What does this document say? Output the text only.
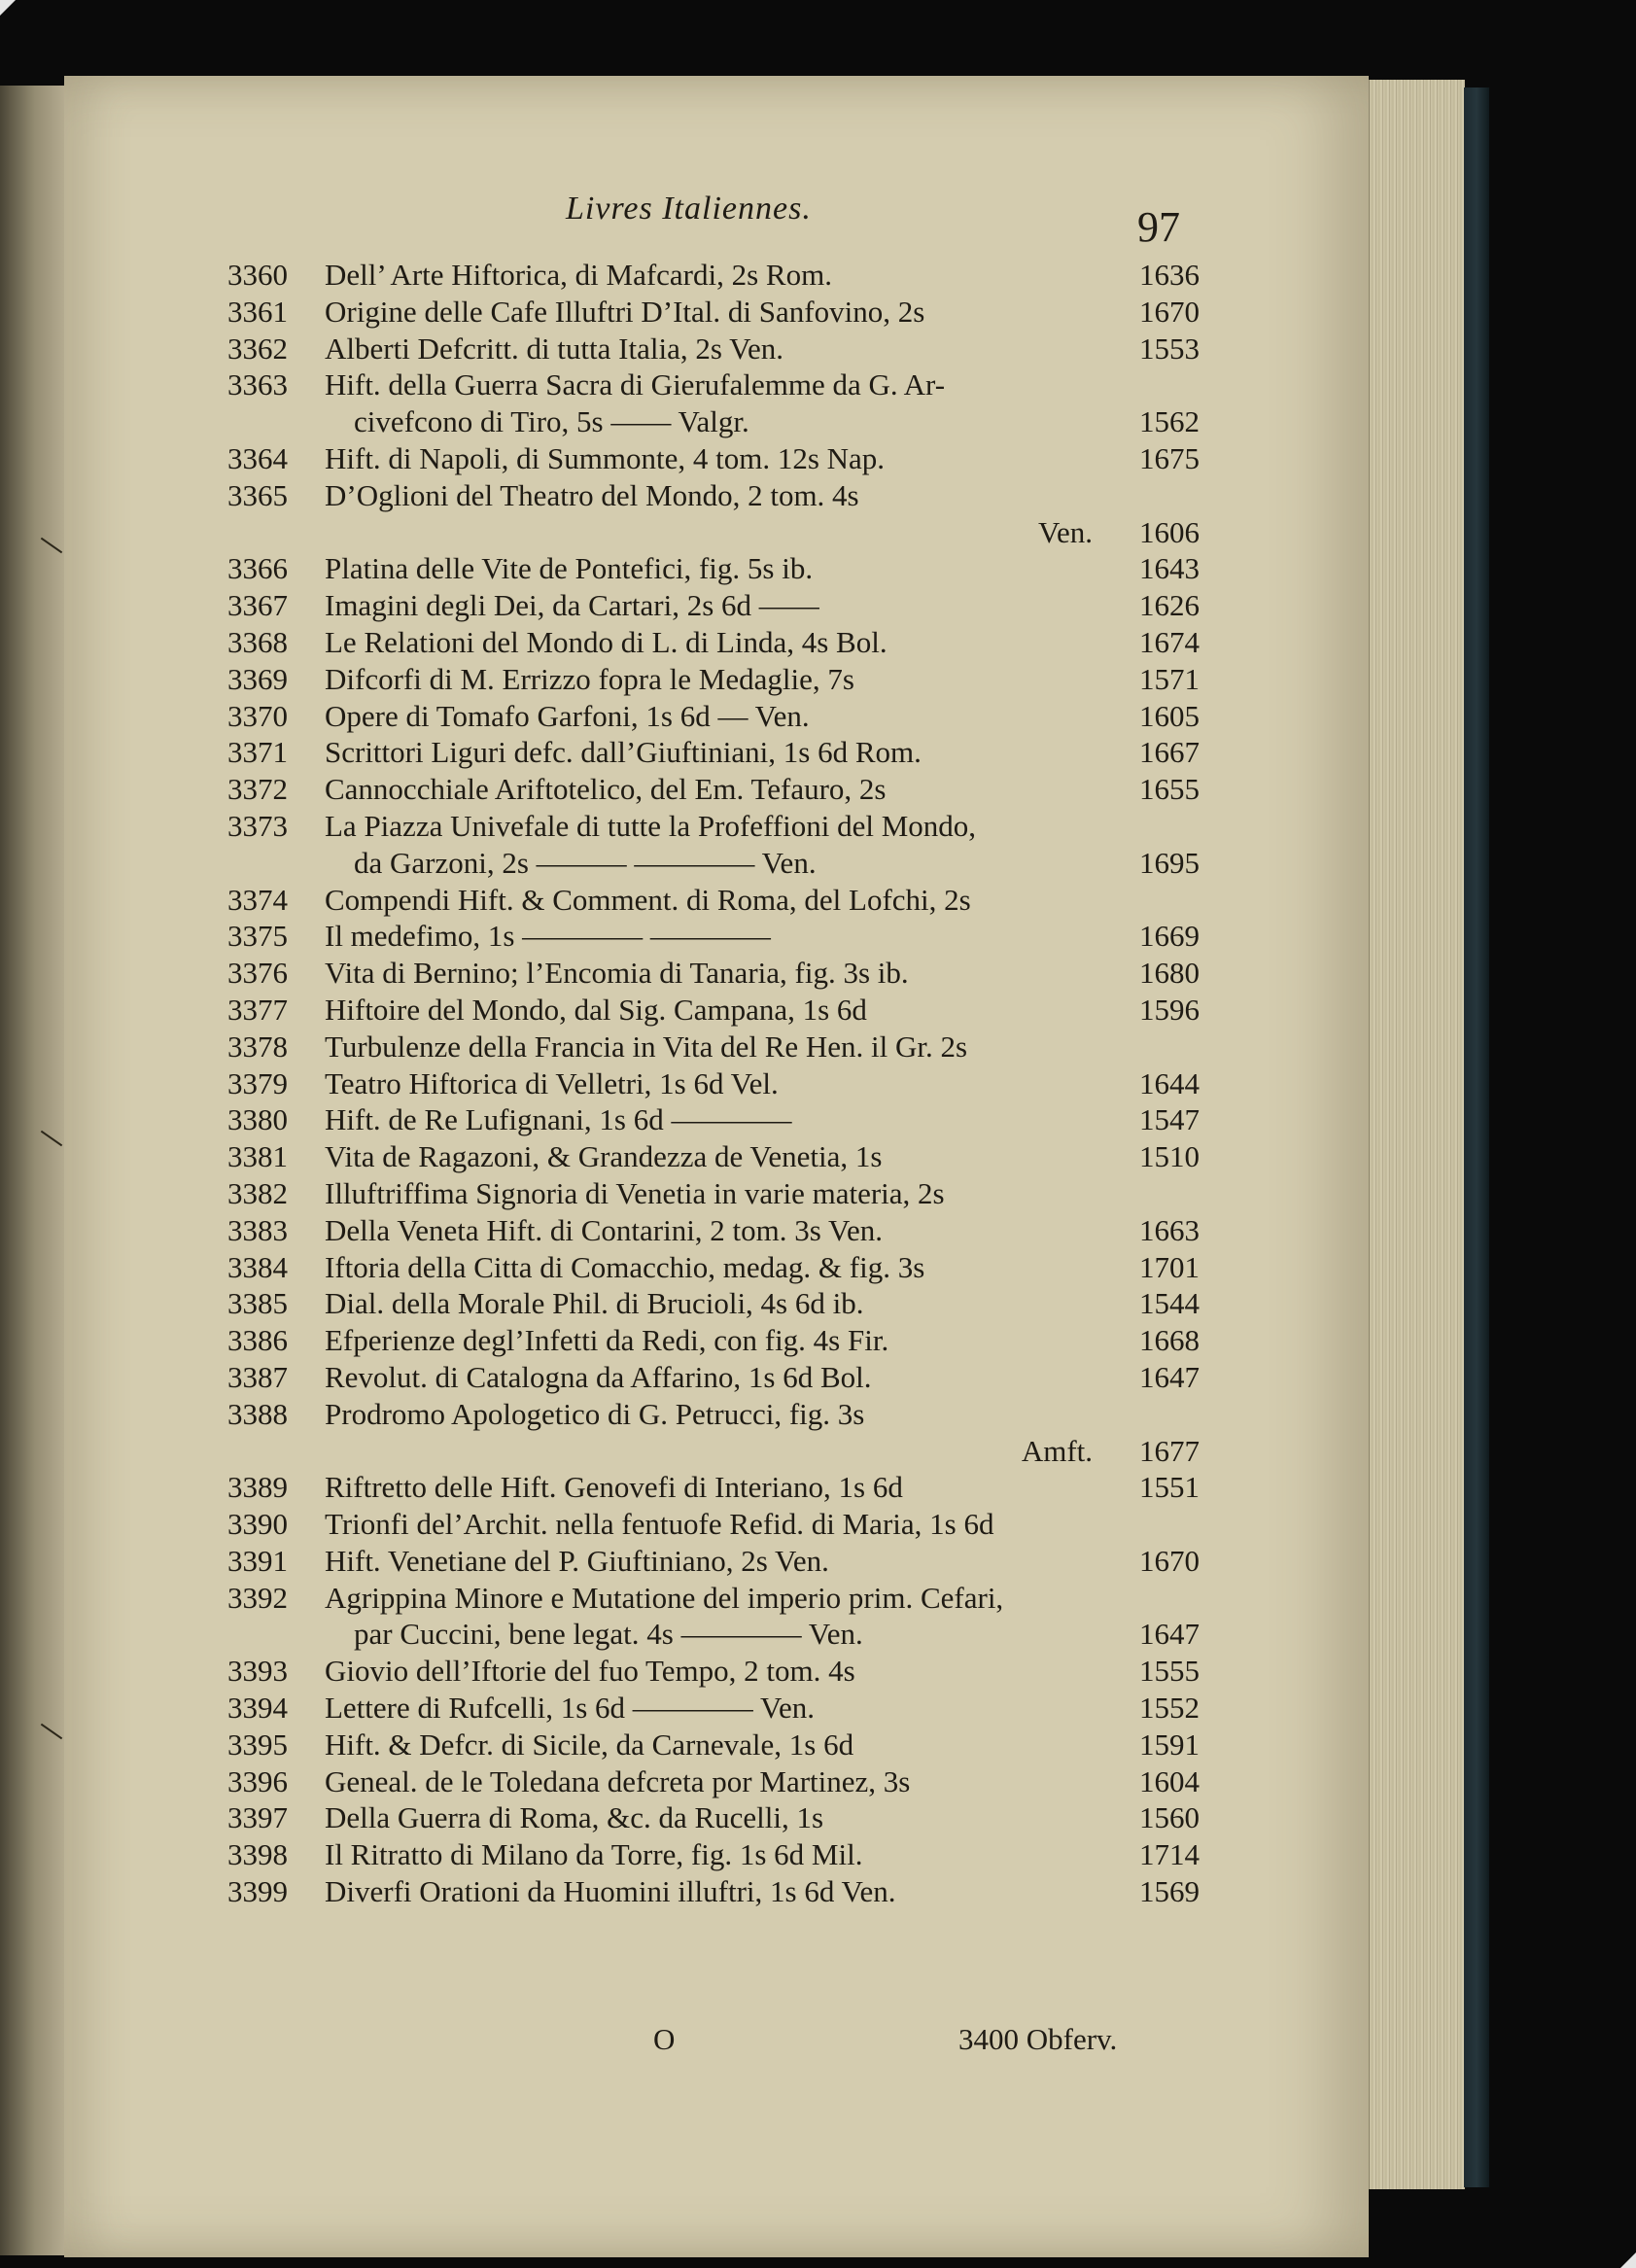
Livres Italiennes.	97
3360	Dell’ Arte Hiftorica, di Mafcardi, 2s Rom.	1636
3361	Origine delle Cafe Illuftri D’Ital. di Sanfovino, 2s	1670
3362	Alberti Defcritt. di tutta Italia, 2s Ven.	1553
3363	Hift. della Guerra Sacra di Gierufalemme da G. Ar-
civefcono di Tiro, 5s —— Valgr.	1562
3364	Hift. di Napoli, di Summonte, 4 tom. 12s Nap.	1675
3365	D’Oglioni del Theatro del Mondo, 2 tom. 4s
Ven.	1606
3366	Platina delle Vite de Pontefici, fig. 5s ib.	1643
3367	Imagini degli Dei, da Cartari, 2s 6d ——	1626
3368	Le Relationi del Mondo di L. di Linda, 4s Bol.	1674
3369	Difcorfi di M. Errizzo fopra le Medaglie, 7s	1571
3370	Opere di Tomafo Garfoni, 1s 6d — Ven.	1605
3371	Scrittori Liguri defc. dall’Giuftiniani, 1s 6d Rom.	1667
3372	Cannocchiale Ariftotelico, del Em. Tefauro, 2s	1655
3373	La Piazza Univefale di tutte la Profeffioni del Mondo,
da Garzoni, 2s ——— ———— Ven.	1695
3374	Compendi Hift. & Comment. di Roma, del Lofchi, 2s
3375	Il medefimo, 1s ———— ————	1669
3376	Vita di Bernino; l’Encomia di Tanaria, fig. 3s ib.	1680
3377	Hiftoire del Mondo, dal Sig. Campana, 1s 6d	1596
3378	Turbulenze della Francia in Vita del Re Hen. il Gr. 2s
3379	Teatro Hiftorica di Velletri, 1s 6d Vel.	1644
3380	Hift. de Re Lufignani, 1s 6d ————	1547
3381	Vita de Ragazoni, & Grandezza de Venetia, 1s	1510
3382	Illuftriffima Signoria di Venetia in varie materia, 2s
3383	Della Veneta Hift. di Contarini, 2 tom. 3s Ven.	1663
3384	Iftoria della Citta di Comacchio, medag. & fig. 3s	1701
3385	Dial. della Morale Phil. di Brucioli, 4s 6d ib.	1544
3386	Efperienze degl’Infetti da Redi, con fig. 4s Fir.	1668
3387	Revolut. di Catalogna da Affarino, 1s 6d Bol.	1647
3388	Prodromo Apologetico di G. Petrucci, fig. 3s
Amft.	1677
3389	Riftretto delle Hift. Genovefi di Interiano, 1s 6d	1551
3390	Trionfi del’Archit. nella fentuofe Refid. di Maria, 1s 6d
3391	Hift. Venetiane del P. Giuftiniano, 2s Ven.	1670
3392	Agrippina Minore e Mutatione del imperio prim. Cefari,
par Cuccini, bene legat. 4s ———— Ven.	1647
3393	Giovio dell’Iftorie del fuo Tempo, 2 tom. 4s	1555
3394	Lettere di Rufcelli, 1s 6d ———— Ven.	1552
3395	Hift. & Defcr. di Sicile, da Carnevale, 1s 6d	1591
3396	Geneal. de le Toledana defcreta por Martinez, 3s	1604
3397	Della Guerra di Roma, &c. da Rucelli, 1s	1560
3398	Il Ritratto di Milano da Torre, fig. 1s 6d Mil.	1714
3399	Diverfi Orationi da Huomini illuftri, 1s 6d Ven.	1569
O	3400 Obferv.
